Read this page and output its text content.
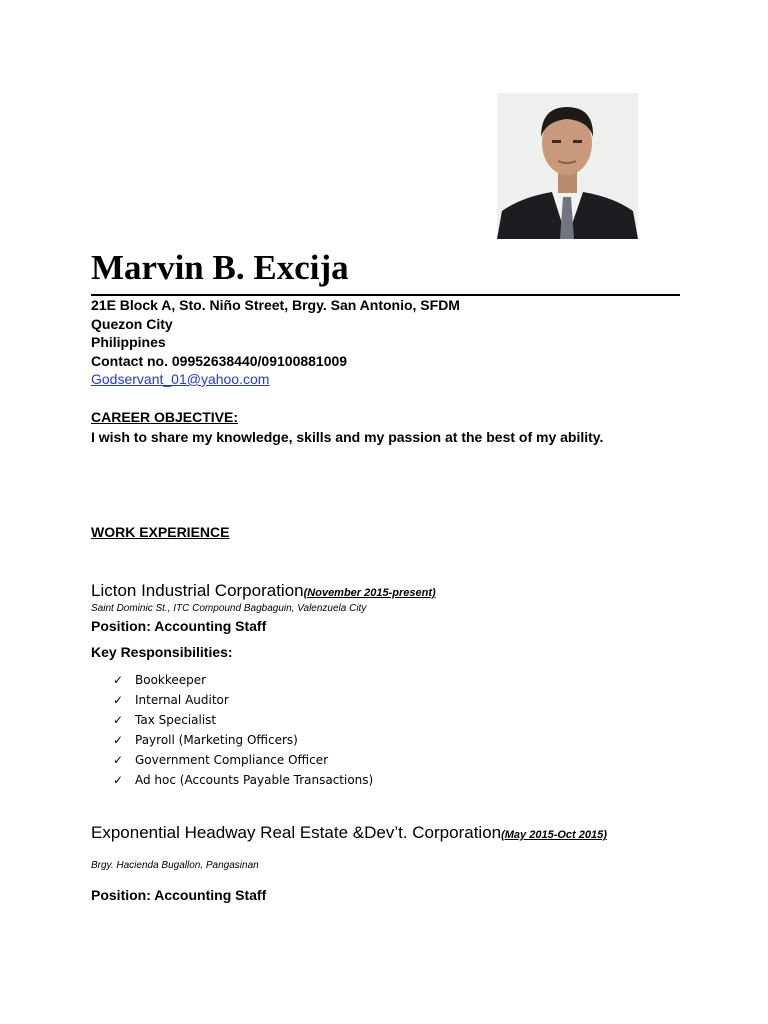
Marvin B. Excija
21E Block A, Sto. Niño Street, Brgy. San Antonio, SFDM
Quezon City
Philippines
Contact no. 09952638440/09100881009
Godservant_01@yahoo.com
CAREER OBJECTIVE:
I wish to share my knowledge, skills and my passion at the best of my ability.
WORK EXPERIENCE
Licton Industrial Corporation(November 2015-present)
Saint Dominic St., ITC Compound Bagbaguin, Valenzuela City
Position: Accounting Staff
Key Responsibilities:
✓ Bookkeeper
✓ Internal Auditor
✓ Tax Specialist
✓ Payroll (Marketing Officers)
✓ Government Compliance Officer
✓ Ad hoc (Accounts Payable Transactions)
Exponential Headway Real Estate &Dev’t. Corporation(May 2015-Oct 2015)
Brgy. Hacienda Bugallon, Pangasinan
Position: Accounting Staff
